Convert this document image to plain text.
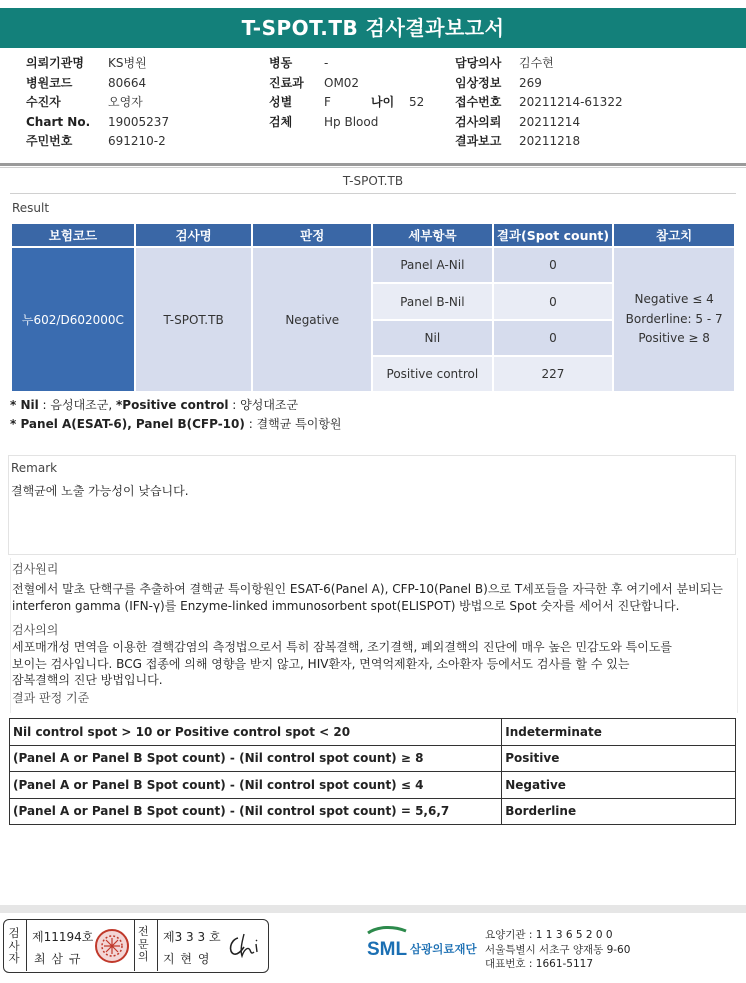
T-SPOT.TB 검사결과보고서
의뢰기관명 KS병원
병원코드	80664
수진자	오영자
Chart No. 19005237
주민번호	691210-2
병동	-
진료과 OM02
성별	F	나이 52
검체	Hp Blood
담당의사 김수현
임상정보 269
접수번호 20211214-61322
검사의뢰 20211214
결과보고 20211218
T-SPOT.TB
Result
보험코드	검사명	판정	세부항목	결과(Spot count)	참고치
누602/D602000C	T-SPOT.TB	Negative	Panel A-Nil	0	Negative ≤ 4
Borderline: 5 - 7
Positive ≥ 8

			Panel B-Nil	0	
			Nil	0	
			Positive control	227	
* Nil : 음성대조군, *Positive control : 양성대조군
* Panel A(ESAT-6), Panel B(CFP-10) : 결핵균 특이항원
Remark
결핵균에 노출 가능성이 낮습니다.
검사원리
전혈에서 말초 단핵구를 추출하여 결핵균 특이항원인 ESAT-6(Panel A), CFP-10(Panel B)으로 T세포들을 자극한 후 여기에서 분비되는
interferon gamma (IFN-γ)를 Enzyme-linked immunosorbent spot(ELISPOT) 방법으로 Spot 숫자를 세어서 진단합니다.
검사의의
세포매개성 면역을 이용한 결핵감염의 측정법으로서 특히 잠복결핵, 조기결핵, 폐외결핵의 진단에 매우 높은 민감도와 특이도를
보이는 검사입니다. BCG 접종에 의해 영향을 받지 않고, HIV환자, 면역억제환자, 소아환자 등에서도 검사를 할 수 있는
잠복결핵의 진단 방법입니다.
결과 판정 기준
Nil control spot > 10 or Positive control spot < 20	Indeterminate
(Panel A or Panel B Spot count) - (Nil control spot count) ≥ 8	Positive
(Panel A or Panel B Spot count) - (Nil control spot count) ≤ 4	Negative
(Panel A or Panel B Spot count) - (Nil control spot count) = 5,6,7	Borderline
검
사
자
제11194호
최 삼 규
전
문
의
제3 3 3 호
지 현 영	SML 삼광의료재단
요양기관 : 1 1 3 6 5 2 0 0
서울특별시 서초구 양재동 9-60
대표번호 : 1661-5117
